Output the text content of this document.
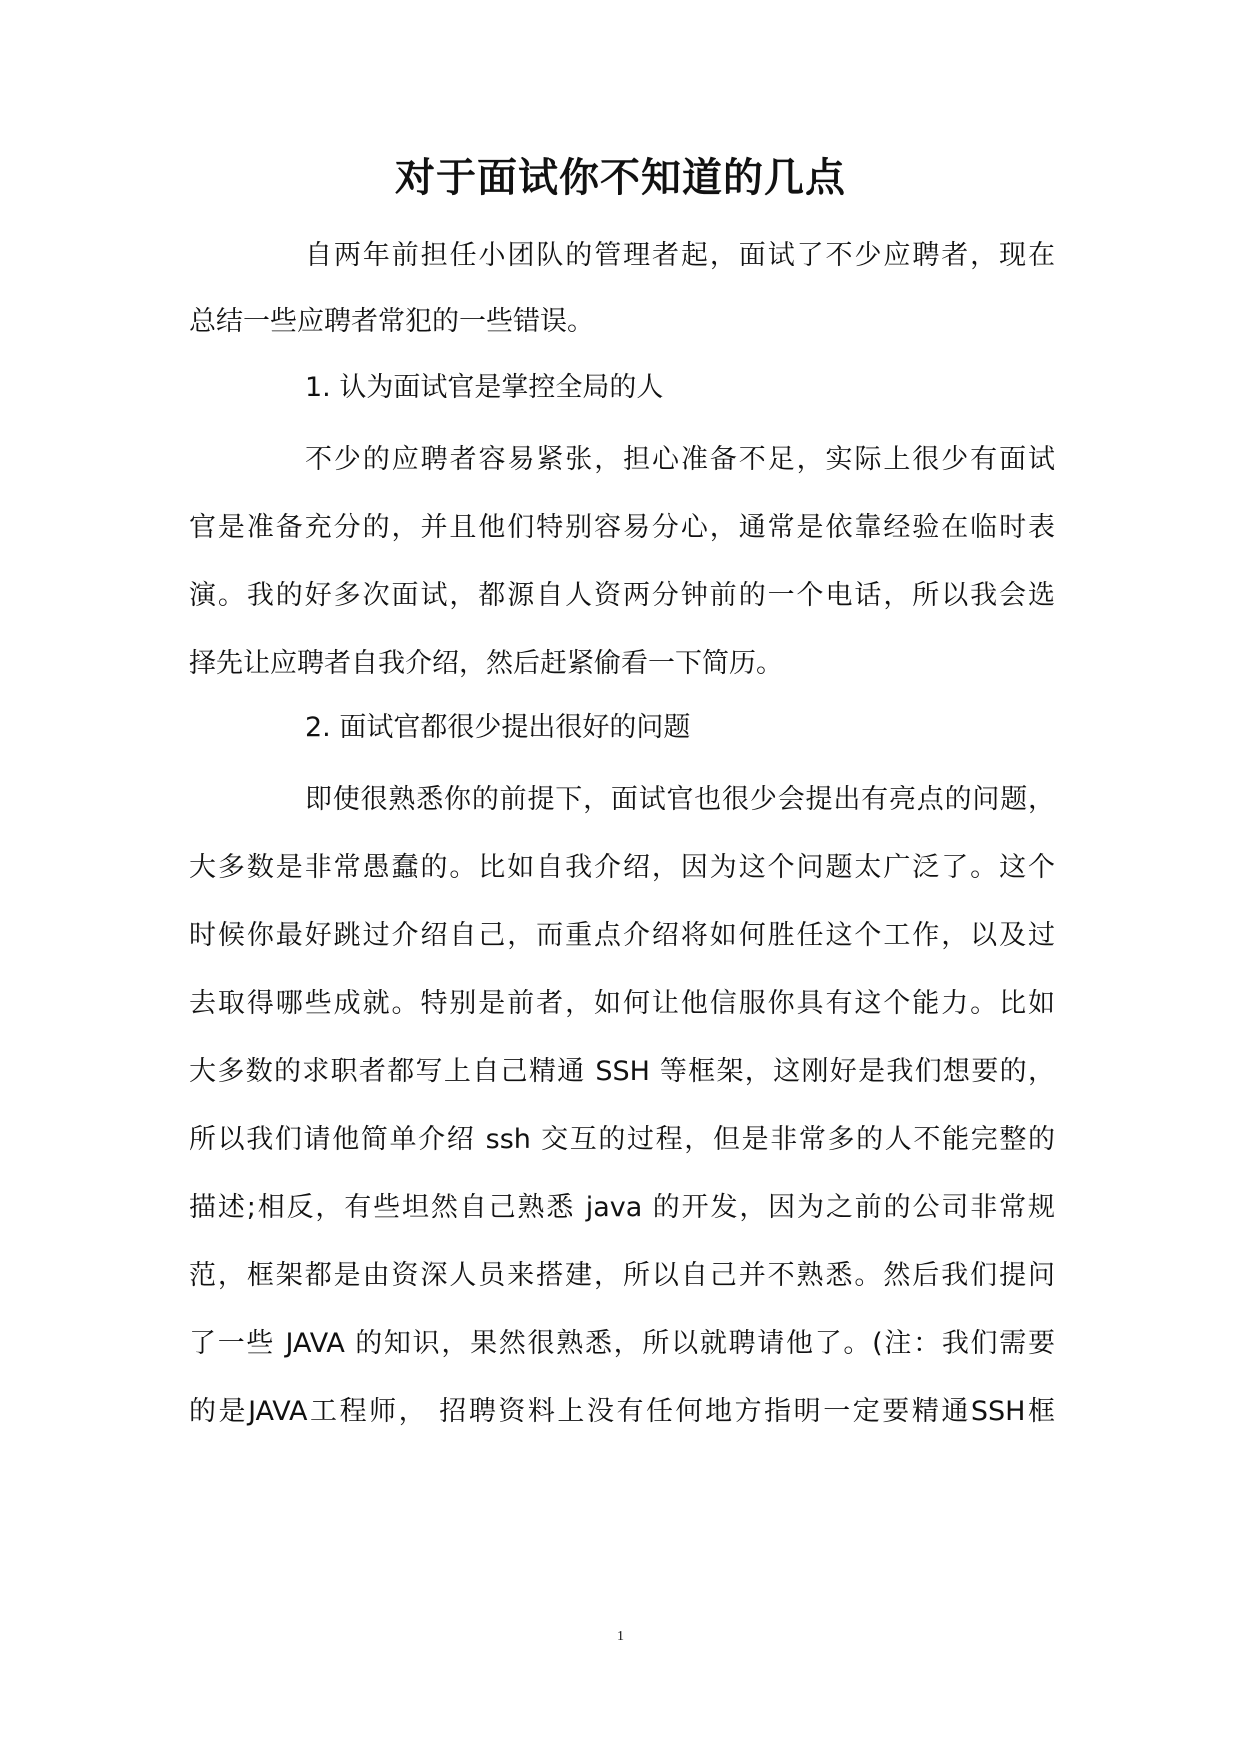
对于面试你不知道的几点
自两年前担任小团队的管理者起，面试了不少应聘者，现在
总结一些应聘者常犯的一些错误。
1. 认为面试官是掌控全局的人
不少的应聘者容易紧张，担心准备不足，实际上很少有面试
官是准备充分的，并且他们特别容易分心，通常是依靠经验在临时表
演。我的好多次面试，都源自人资两分钟前的一个电话，所以我会选
择先让应聘者自我介绍，然后赶紧偷看一下简历。
2. 面试官都很少提出很好的问题
即使很熟悉你的前提下，面试官也很少会提出有亮点的问题，
大多数是非常愚蠢的。比如自我介绍，因为这个问题太广泛了。这个
时候你最好跳过介绍自己，而重点介绍将如何胜任这个工作，以及过
去取得哪些成就。特别是前者，如何让他信服你具有这个能力。比如
大多数的求职者都写上自己精通 SSH 等框架，这刚好是我们想要的，
所以我们请他简单介绍 ssh 交互的过程，但是非常多的人不能完整的
描述;相反，有些坦然自己熟悉 java 的开发，因为之前的公司非常规
范，框架都是由资深人员来搭建，所以自己并不熟悉。然后我们提问
了一些 JAVA 的知识，果然很熟悉，所以就聘请他了。(注：我们需要
的是JAVA工程师， 招聘资料上没有任何地方指明一定要精通SSH框
1
